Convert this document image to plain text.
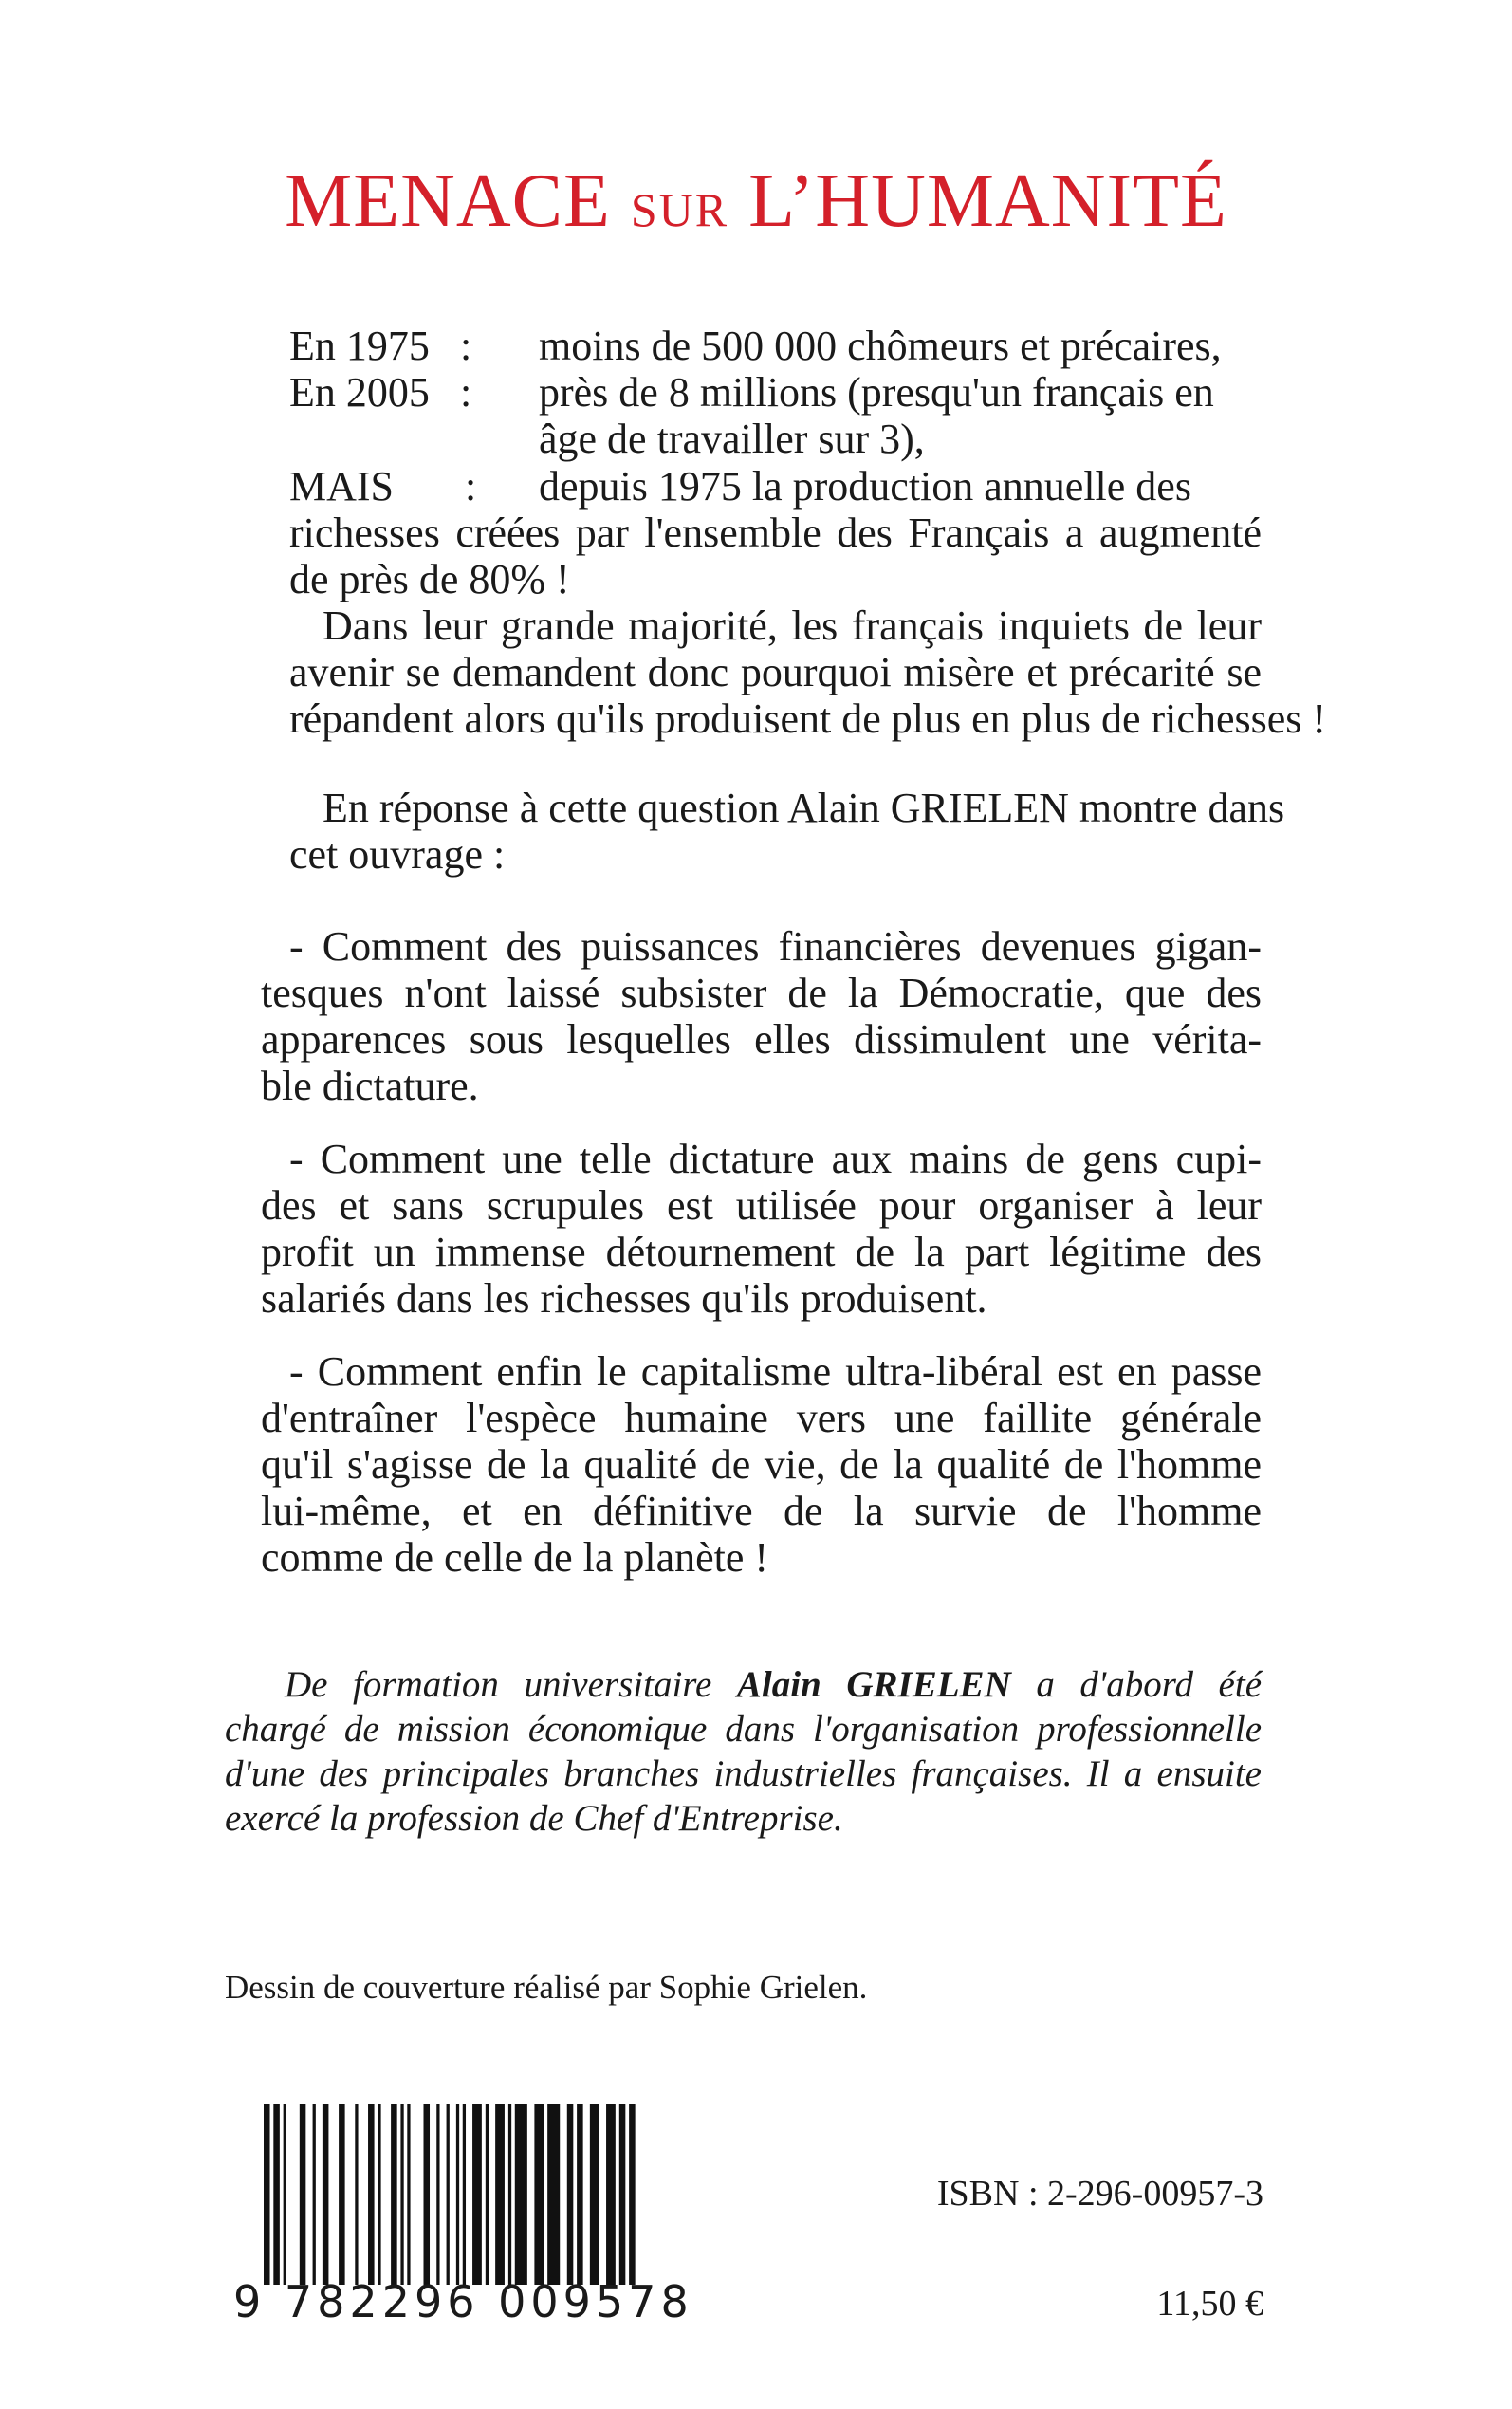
MENACE SUR L’HUMANITÉ
En 1975 : moins de 500 000 chômeurs et précaires,
En 2005 : près de 8 millions (presqu'un français en
âge de travailler sur 3),
MAIS : depuis 1975 la production annuelle des
richesses créées par l'ensemble des Français a augmenté
de près de 80% !
Dans leur grande majorité, les français inquiets de leur
avenir se demandent donc pourquoi misère et précarité se
répandent alors qu'ils produisent de plus en plus de richesses !
En réponse à cette question Alain GRIELEN montre dans
cet ouvrage :
- Comment des puissances financières devenues gigan-
tesques n'ont laissé subsister de la Démocratie, que des
apparences sous lesquelles elles dissimulent une vérita-
ble dictature.
- Comment une telle dictature aux mains de gens cupi-
des et sans scrupules est utilisée pour organiser à leur
profit un immense détournement de la part légitime des
salariés dans les richesses qu'ils produisent.
- Comment enfin le capitalisme ultra-libéral est en passe
d'entraîner l'espèce humaine vers une faillite générale
qu'il s'agisse de la qualité de vie, de la qualité de l'homme
lui-même, et en définitive de la survie de l'homme
comme de celle de la planète !
De formation universitaire Alain GRIELEN a d'abord été
chargé de mission économique dans l'organisation professionnelle
d'une des principales branches industrielles françaises. Il a ensuite
exercé la profession de Chef d'Entreprise.
Dessin de couverture réalisé par Sophie Grielen.
9 782296 009578
ISBN : 2-296-00957-3
11,50 €
